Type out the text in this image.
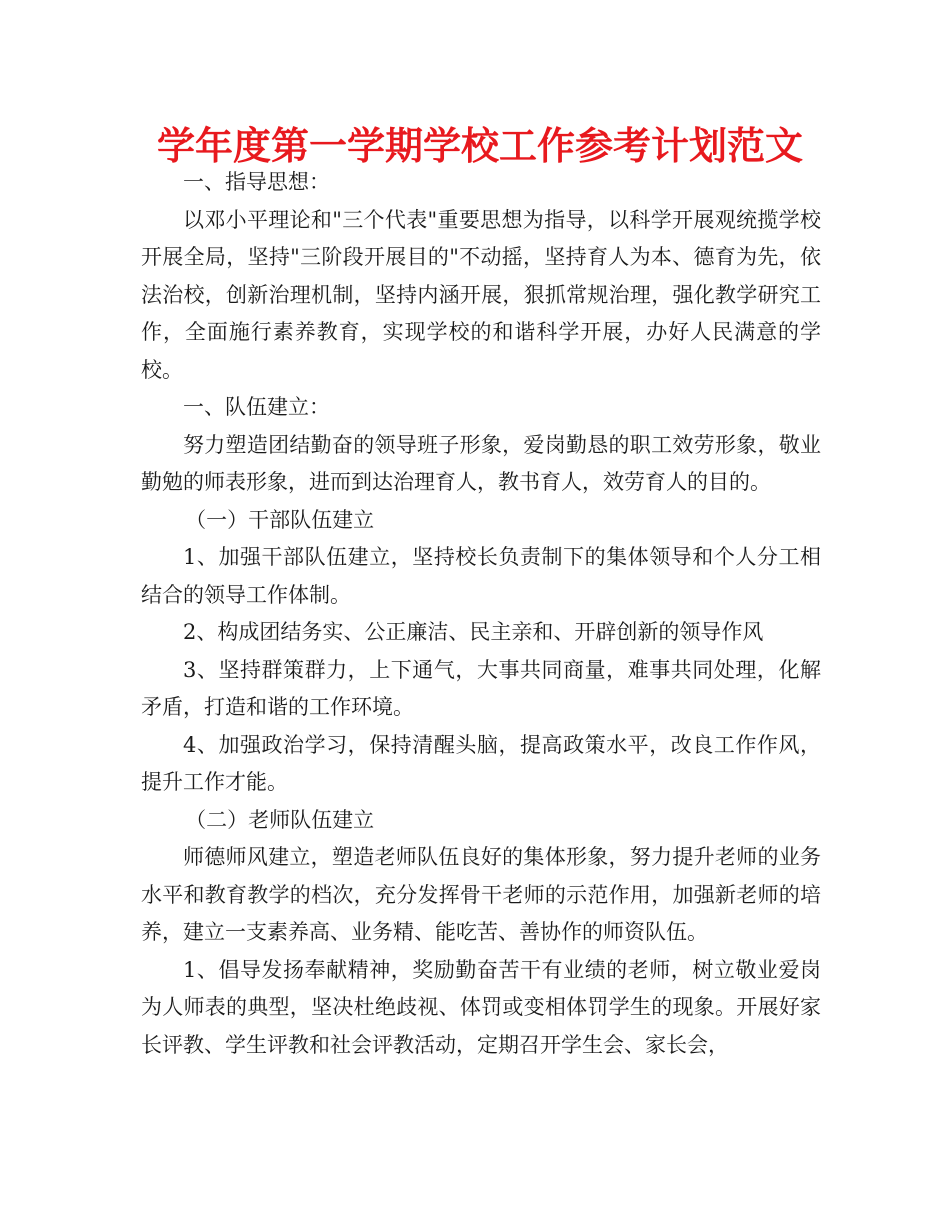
学年度第一学期学校工作参考计划范文

一、指导思想：

以邓小平理论和"三个代表"重要思想为指导，以科学开展观统揽学校开展全局，坚持"三阶段开展目的"不动摇，坚持育人为本、德育为先，依法治校，创新治理机制，坚持内涵开展，狠抓常规治理，强化教学研究工作，全面施行素养教育，实现学校的和谐科学开展，办好人民满意的学校。

一、队伍建立：

努力塑造团结勤奋的领导班子形象，爱岗勤恳的职工效劳形象，敬业勤勉的师表形象，进而到达治理育人，教书育人，效劳育人的目的。

（一）干部队伍建立

1、加强干部队伍建立，坚持校长负责制下的集体领导和个人分工相结合的领导工作体制。

2、构成团结务实、公正廉洁、民主亲和、开辟创新的领导作风

3、坚持群策群力，上下通气，大事共同商量，难事共同处理，化解矛盾，打造和谐的工作环境。

4、加强政治学习，保持清醒头脑，提高政策水平，改良工作作风，提升工作才能。

（二）老师队伍建立

师德师风建立，塑造老师队伍良好的集体形象，努力提升老师的业务水平和教育教学的档次，充分发挥骨干老师的示范作用，加强新老师的培养，建立一支素养高、业务精、能吃苦、善协作的师资队伍。

1、倡导发扬奉献精神，奖励勤奋苦干有业绩的老师，树立敬业爱岗为人师表的典型，坚决杜绝歧视、体罚或变相体罚学生的现象。开展好家长评教、学生评教和社会评教活动，定期召开学生会、家长会，
